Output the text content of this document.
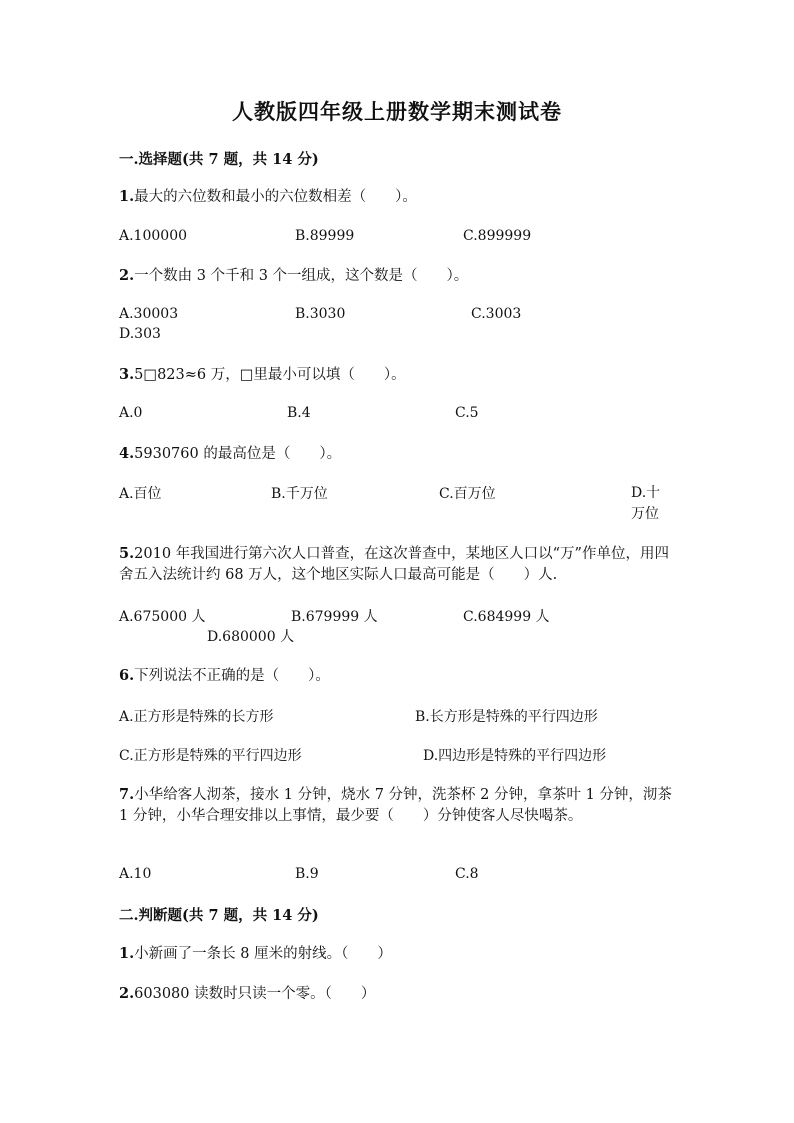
人教版四年级上册数学期末测试卷
一.选择题(共 7 题，共 14 分)
1.最大的六位数和最小的六位数相差（　　）。
A.100000	B.89999	C.899999
2.一个数由 3 个千和 3 个一组成，这个数是（　　）。
A.30003	B.3030	C.3003
D.303
3.5□823≈6 万，□里最小可以填（　　）。
A.0	B.4	C.5
4.5930760 的最高位是（　　）。
A.百位	B.千万位	C.百万位	D.十万位
5.2010 年我国进行第六次人口普查，在这次普查中，某地区人口以“万”作单位，用四舍五入法统计约 68 万人，这个地区实际人口最高可能是（　　）人.
A.675000 人	B.679999 人	C.684999 人
D.680000 人
6.下列说法不正确的是（　　）。
A.正方形是特殊的长方形	B.长方形是特殊的平行四边形
C.正方形是特殊的平行四边形	D.四边形是特殊的平行四边形
7.小华给客人沏茶，接水 1 分钟，烧水 7 分钟，洗茶杯 2 分钟，拿茶叶 1 分钟，沏茶 1 分钟，小华合理安排以上事情，最少要（　　）分钟使客人尽快喝茶。
A.10	B.9	C.8
二.判断题(共 7 题，共 14 分)
1.小新画了一条长 8 厘米的射线。（　　）
2.603080 读数时只读一个零。（　　）
